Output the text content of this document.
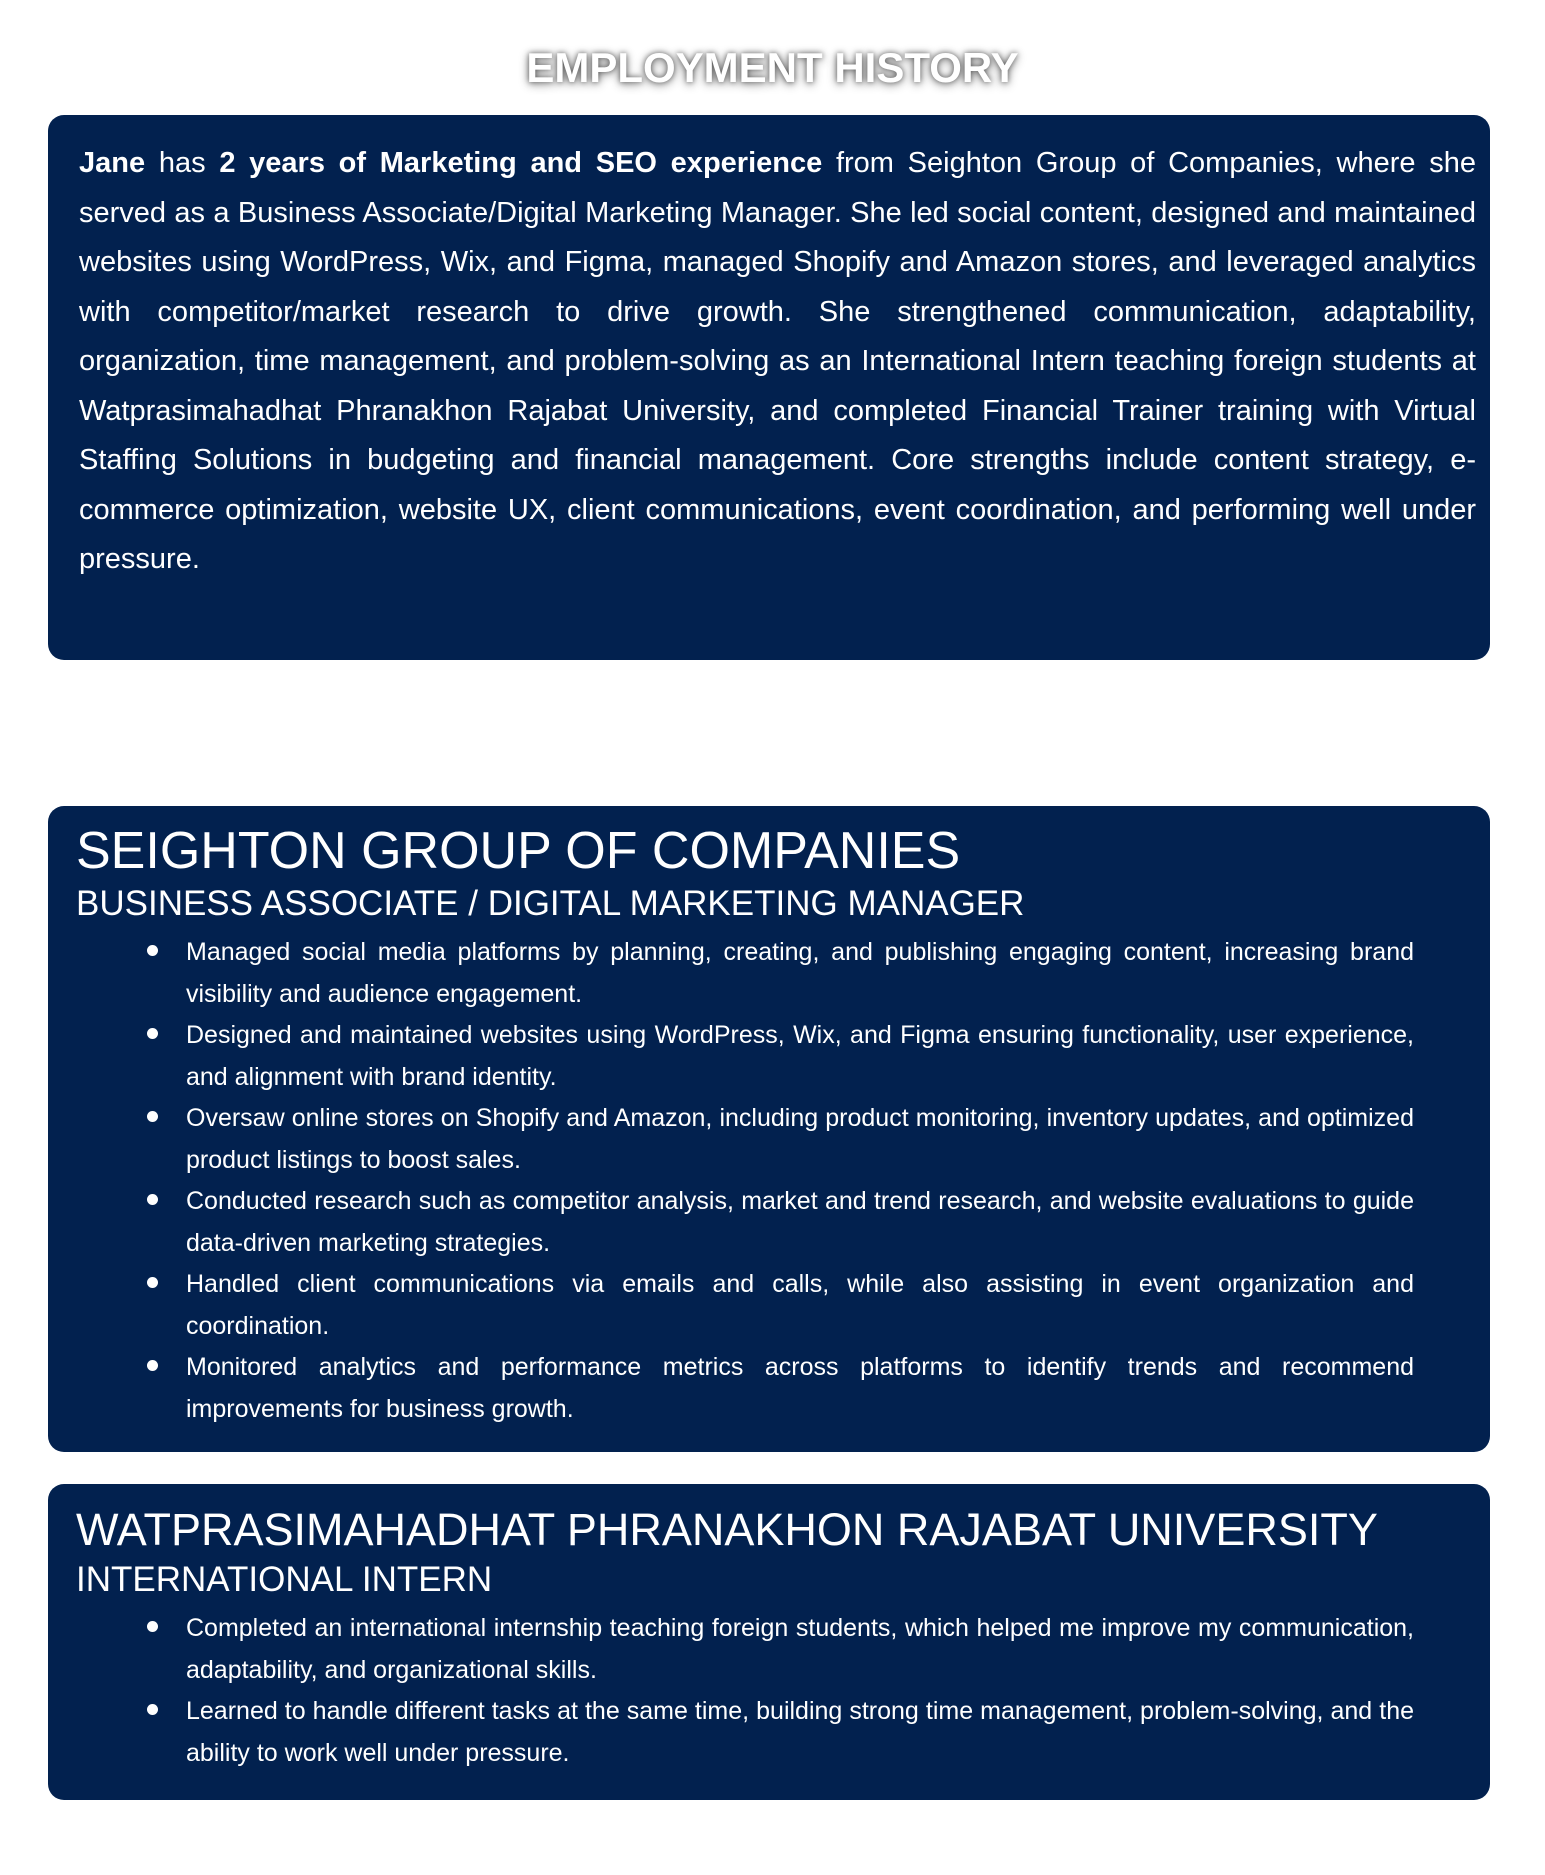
EMPLOYMENT HISTORY

Jane has 2 years of Marketing and SEO experience from Seighton Group of Companies, where she served as a Business Associate/Digital Marketing Manager. She led social content, designed and maintained websites using WordPress, Wix, and Figma, managed Shopify and Amazon stores, and leveraged analytics with competitor/market research to drive growth. She strengthened communication, adaptability, organization, time management, and problem-solving as an International Intern teaching foreign students at Watprasimahadhat Phranakhon Rajabat University, and completed Financial Trainer training with Virtual Staffing Solutions in budgeting and financial management. Core strengths include content strategy, e-commerce optimization, website UX, client communications, event coordination, and performing well under pressure.

SEIGHTON GROUP OF COMPANIES
BUSINESS ASSOCIATE / DIGITAL MARKETING MANAGER
Managed social media platforms by planning, creating, and publishing engaging content, increasing brand visibility and audience engagement.
Designed and maintained websites using WordPress, Wix, and Figma ensuring functionality, user experience, and alignment with brand identity.
Oversaw online stores on Shopify and Amazon, including product monitoring, inventory updates, and optimized product listings to boost sales.
Conducted research such as competitor analysis, market and trend research, and website evaluations to guide data-driven marketing strategies.
Handled client communications via emails and calls, while also assisting in event organization and coordination.
Monitored analytics and performance metrics across platforms to identify trends and recommend improvements for business growth.
WATPRASIMAHADHAT PHRANAKHON RAJABAT UNIVERSITY
INTERNATIONAL INTERN
Completed an international internship teaching foreign students, which helped me improve my communication, adaptability, and organizational skills.
Learned to handle different tasks at the same time, building strong time management, problem-solving, and the ability to work well under pressure.
